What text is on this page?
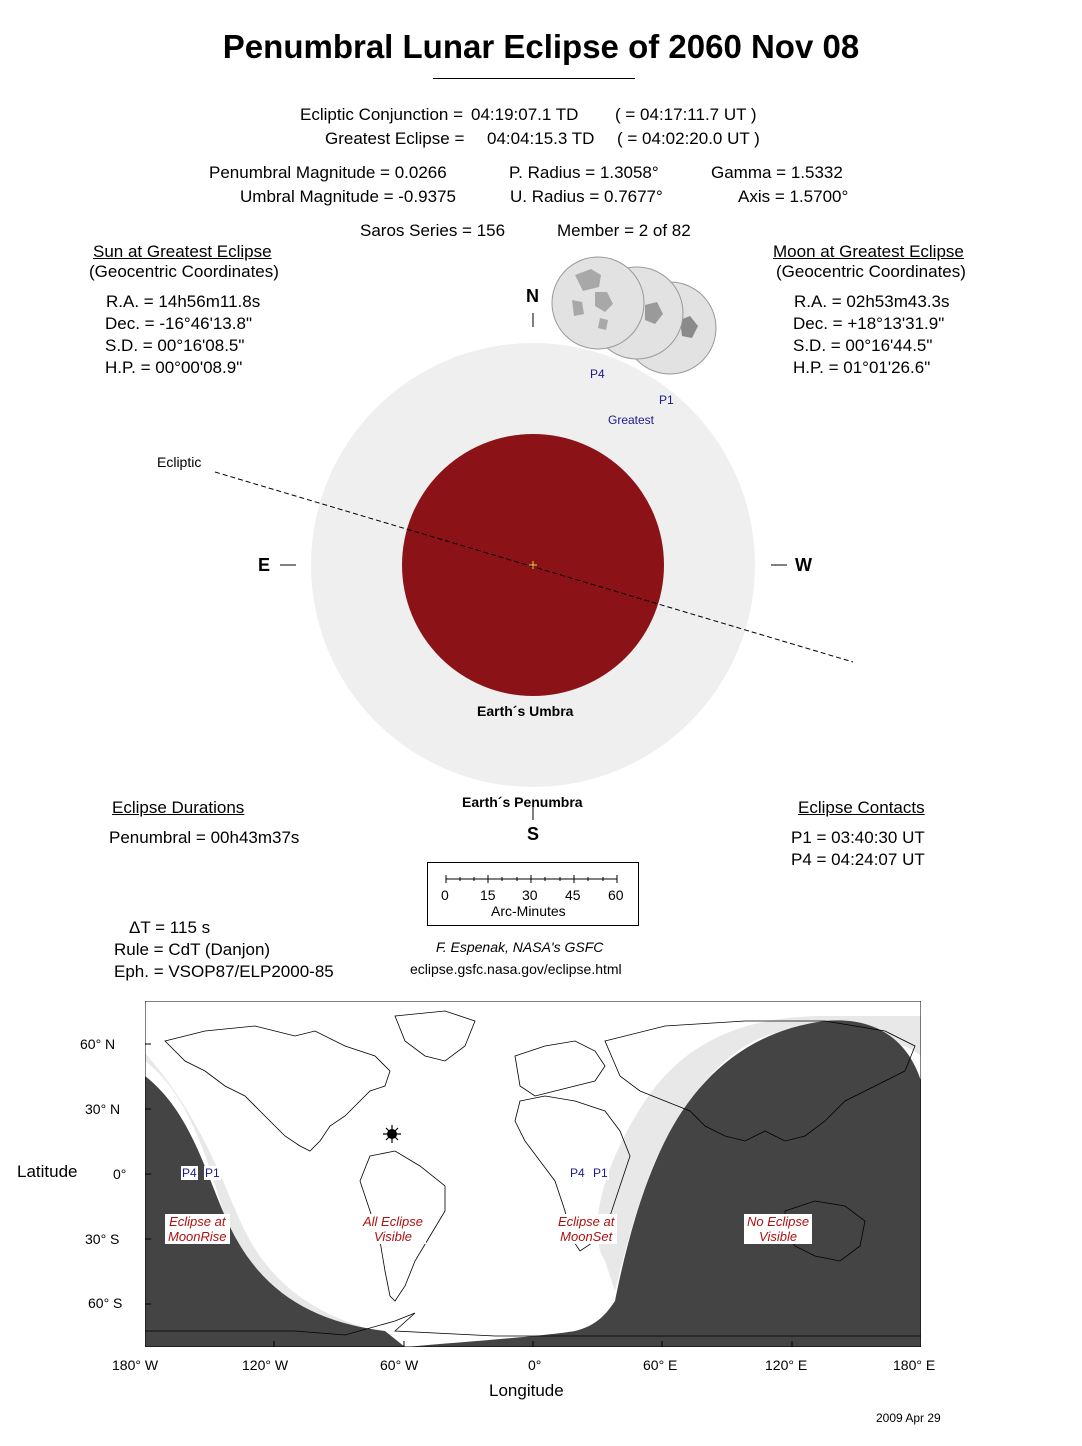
Penumbral Lunar Eclipse of 2060 Nov 08
Ecliptic Conjunction = 04:19:07.1 TD ( = 04:17:11.7 UT )
Greatest Eclipse = 04:04:15.3 TD ( = 04:02:20.0 UT )
Penumbral Magnitude = 0.0266
Umbral Magnitude = -0.9375
P. Radius = 1.3058°
U. Radius = 0.7677°
Gamma = 1.5332
Axis = 1.5700°
Saros Series = 156	Member = 2 of 82
Sun at Greatest Eclipse
(Geocentric Coordinates)
R.A. = 14h56m11.8s
Dec. = -16°46'13.8"
S.D. = 00°16'08.5"
H.P. = 00°00'08.9"
Moon at Greatest Eclipse
(Geocentric Coordinates)
R.A. = 02h53m43.3s
Dec. = +18°13'31.9"
S.D. = 00°16'44.5"
H.P. = 01°01'26.6"
N
S
E	W
Ecliptic
P4
P1
Greatest
Earth´s Umbra
Earth´s Penumbra
Eclipse Durations
Penumbral = 00h43m37s
Eclipse Contacts
P1 = 03:40:30 UT
P4 = 04:24:07 UT
0 15 30 45 60
Arc-Minutes
ΔT = 115 s
Rule = CdT (Danjon)
Eph. = VSOP87/ELP2000-85
F. Espenak, NASA's GSFC
eclipse.gsfc.nasa.gov/eclipse.html
P4 P1	P4 P1
Eclipse at
MoonRise
All Eclipse
Visible
Eclipse at
MoonSet
No Eclipse
Visible
Latitude
Longitude
60° N
30° N
0°
30° S
60° S
180° W	120° W	60° W	0°	60° E	120° E	180° E
2009 Apr 29
